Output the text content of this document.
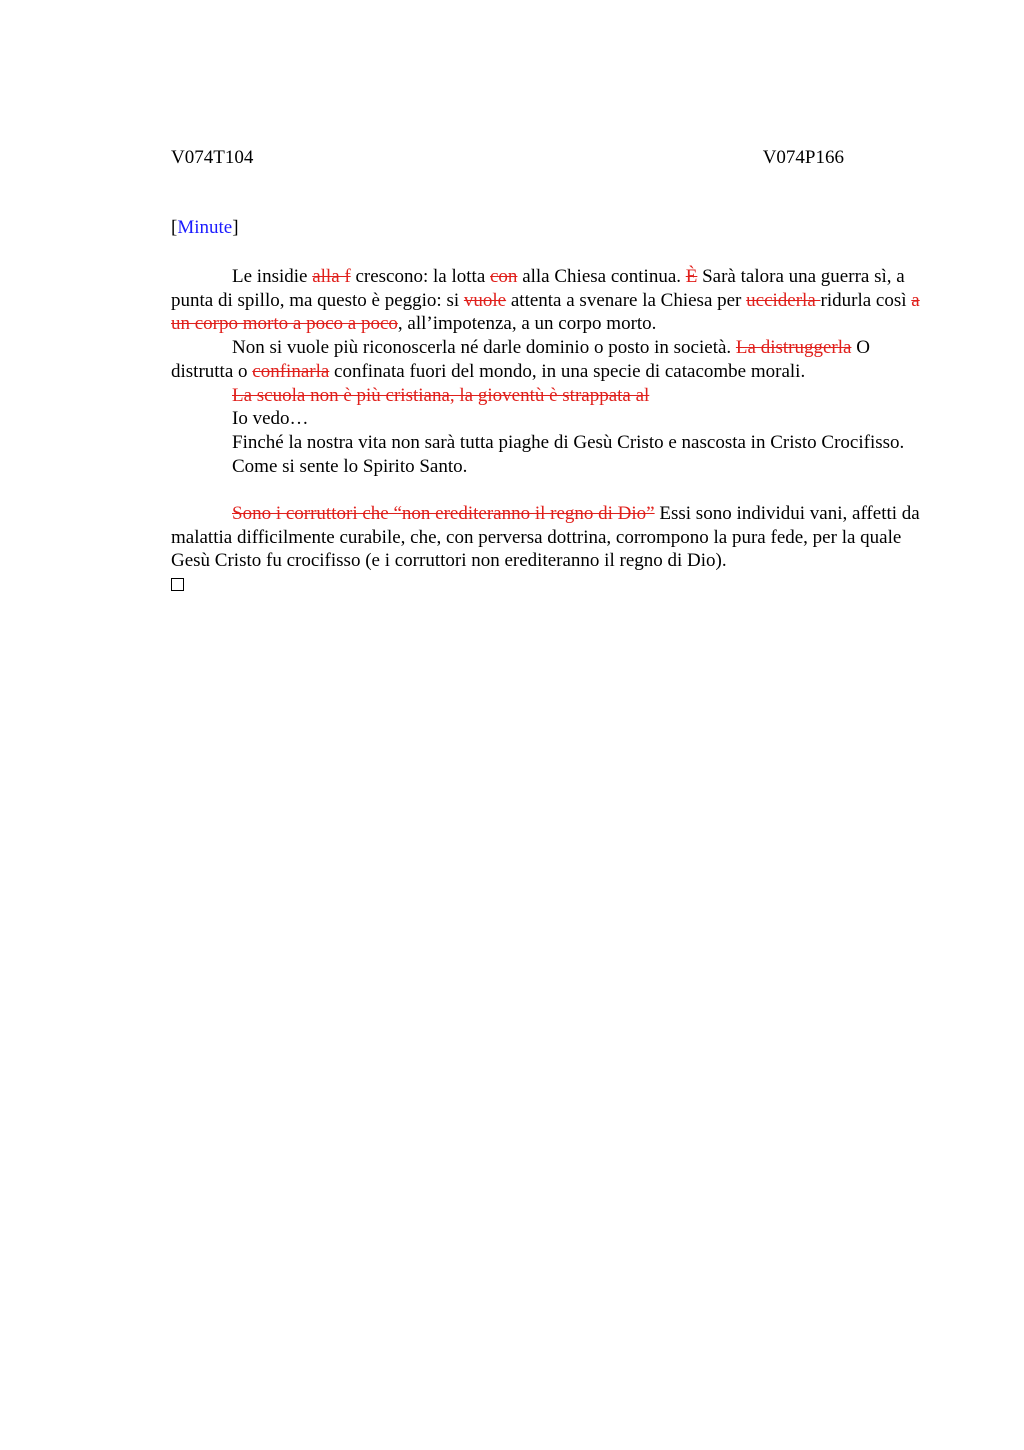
V074T104	V074P166
[Minute]

Le insidie alla f crescono: la lotta con alla Chiesa continua. È Sarà talora una guerra sì, a punta di spillo, ma questo è peggio: si vuole attenta a svenare la Chiesa per ucciderla ridurla così a un corpo morto a poco a poco, all’impotenza, a un corpo morto.

Non si vuole più riconoscerla né darle dominio o posto in società. La distruggerla O distrutta o confinarla confinata fuori del mondo, in una specie di catacombe morali.

La scuola non è più cristiana, la gioventù è strappata al

Io vedo…

Finché la nostra vita non sarà tutta piaghe di Gesù Cristo e nascosta in Cristo Crocifisso.

Come si sente lo Spirito Santo.

Sono i corruttori che “non erediteranno il regno di Dio” Essi sono individui vani, affetti da malattia difficilmente curabile, che, con perversa dottrina, corrompono la pura fede, per la quale Gesù Cristo fu crocifisso (e i corruttori non erediteranno il regno di Dio).
